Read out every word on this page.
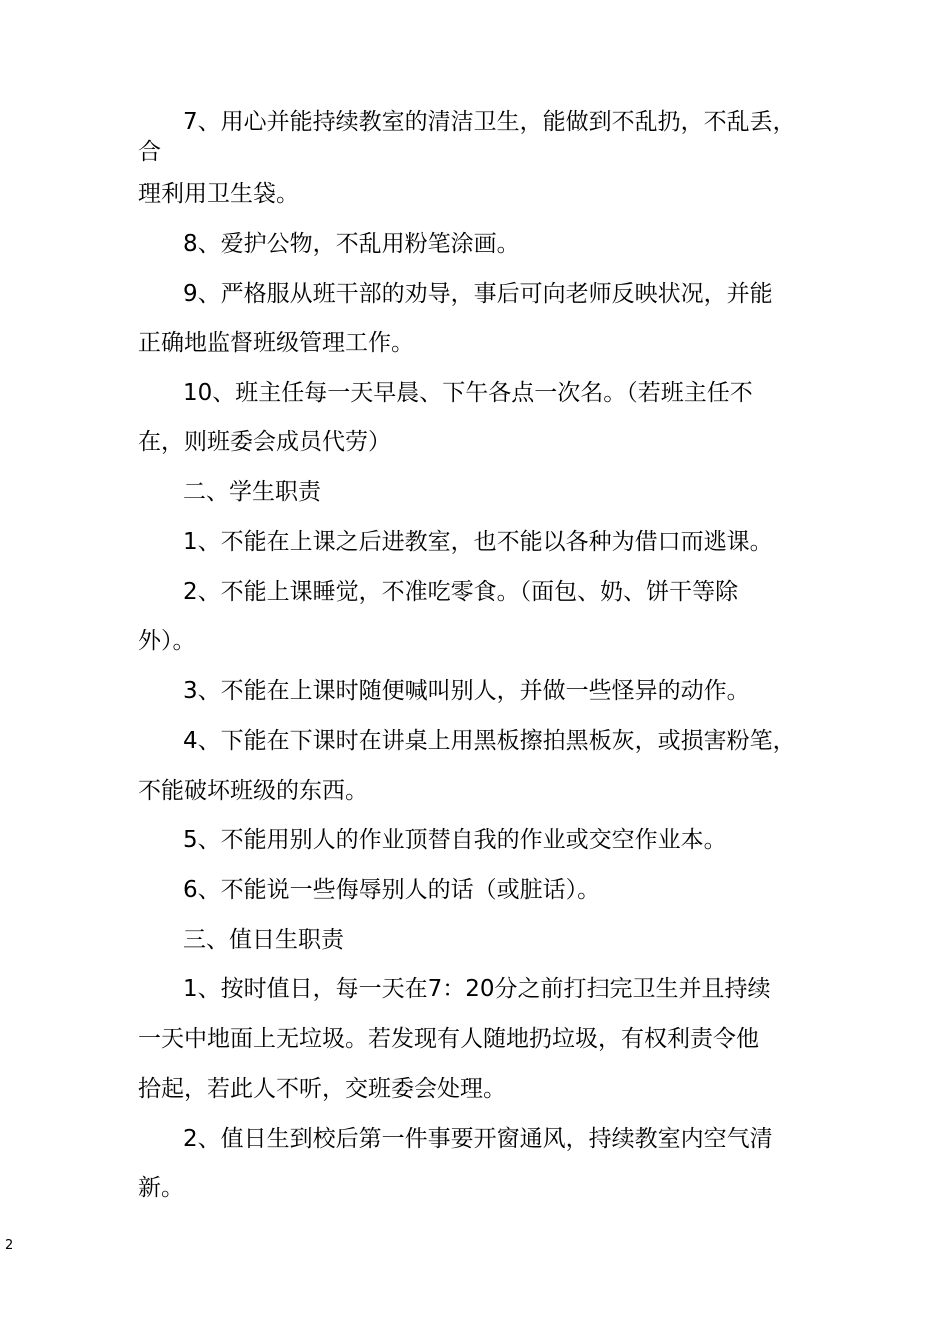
7、用心并能持续教室的清洁卫生，能做到不乱扔，不乱丢，
合
理利用卫生袋。
8、爱护公物，不乱用粉笔涂画。
9、严格服从班干部的劝导，事后可向老师反映状况，并能
正确地监督班级管理工作。
10、班主任每一天早晨、下午各点一次名。（若班主任不
在，则班委会成员代劳）
二、学生职责
1、不能在上课之后进教室，也不能以各种为借口而逃课。
2、不能上课睡觉，不准吃零食。（面包、奶、饼干等除
外）。
3、不能在上课时随便喊叫别人，并做一些怪异的动作。
4、下能在下课时在讲桌上用黑板擦拍黑板灰，或损害粉笔，
不能破坏班级的东西。
5、不能用别人的作业顶替自我的作业或交空作业本。
6、不能说一些侮辱别人的话（或脏话）。
三、值日生职责
1、按时值日，每一天在7：20分之前打扫完卫生并且持续
一天中地面上无垃圾。若发现有人随地扔垃圾，有权利责令他
拾起，若此人不听，交班委会处理。
2、值日生到校后第一件事要开窗通风，持续教室内空气清
新。
2
